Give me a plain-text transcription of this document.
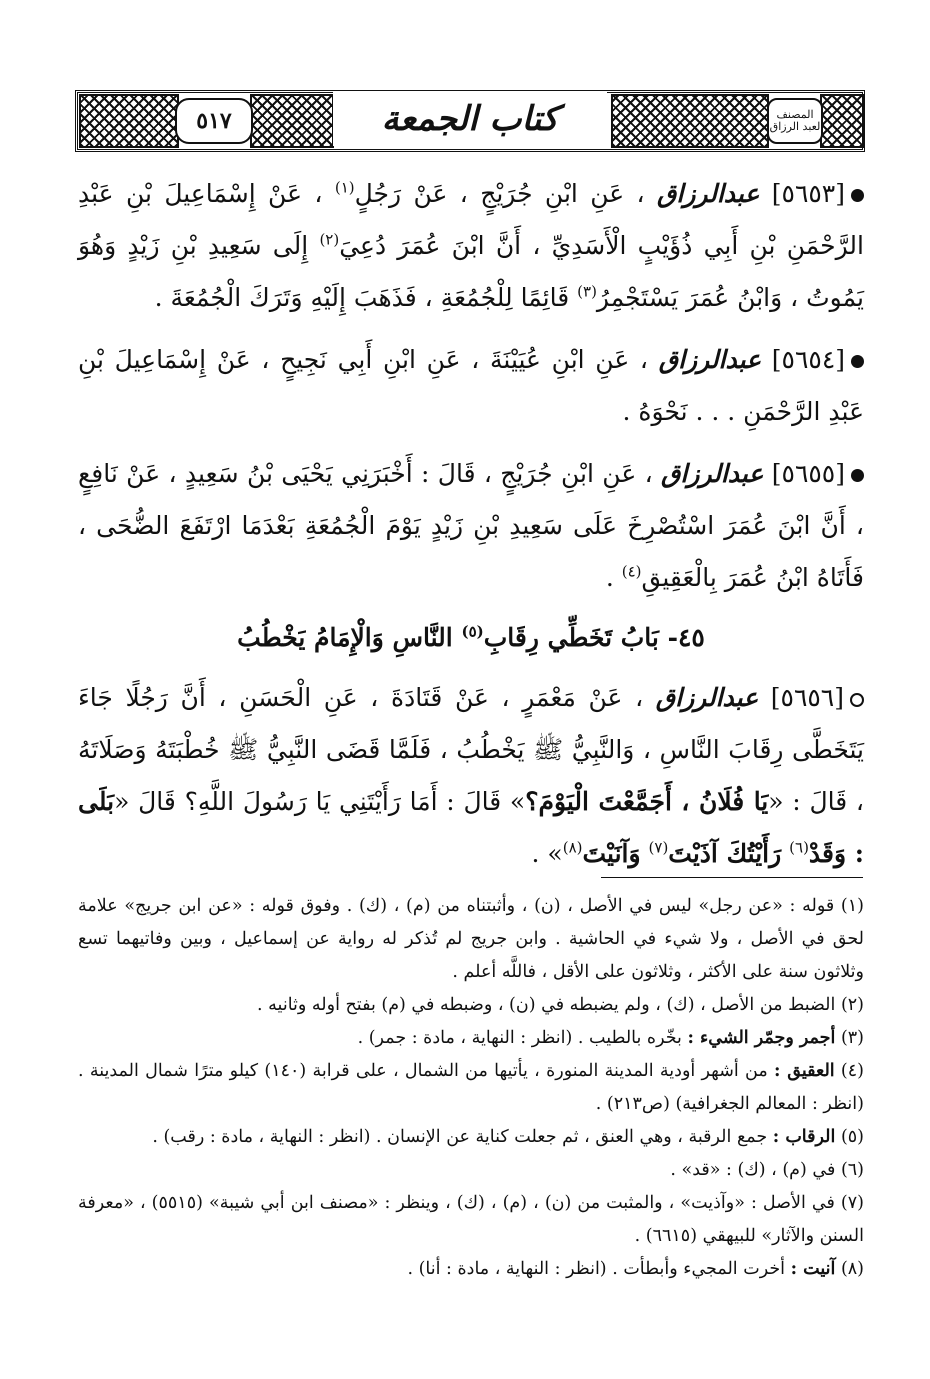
٥١٧	المصنف لعبد الرزاق
كتاب الجمعة

[٥٦٥٣] عبدالرزاق ، عَنِ ابْنِ جُرَيْجٍ ، عَنْ رَجُلٍ$^{(١)}$ ، عَنْ إِسْمَاعِيلَ بْنِ عَبْدِ الرَّحْمَنِ بْنِ أَبِي ذُؤَيْبٍ الْأَسَدِيِّ ، أَنَّ ابْنَ عُمَرَ دُعِيَ$^{(٢)}$ إِلَى سَعِيدِ بْنِ زَيْدٍ وَهُوَ يَمُوتُ ، وَابْنُ عُمَرَ يَسْتَجْمِرُ$^{(٣)}$ قَائِمًا لِلْجُمُعَةِ ، فَذَهَبَ إِلَيْهِ وَتَرَكَ الْجُمُعَةَ .

[٥٦٥٤] عبدالرزاق ، عَنِ ابْنِ عُيَيْنَةَ ، عَنِ ابْنِ أَبِي نَجِيحٍ ، عَنْ إِسْمَاعِيلَ بْنِ عَبْدِ الرَّحْمَنِ . . . نَحْوَهُ .

[٥٦٥٥] عبدالرزاق ، عَنِ ابْنِ جُرَيْجٍ ، قَالَ : أَخْبَرَنِي يَحْيَى بْنُ سَعِيدٍ ، عَنْ نَافِعٍ ، أَنَّ ابْنَ عُمَرَ اسْتُصْرِخَ عَلَى سَعِيدِ بْنِ زَيْدٍ يَوْمَ الْجُمُعَةِ بَعْدَمَا ارْتَفَعَ الضُّحَى ، فَأَتَاهُ ابْنُ عُمَرَ بِالْعَقِيقِ$^{(٤)}$ .

٤٥- بَابُ تَخَطِّي رِقَابِ$^{(٥)}$ النَّاسِ وَالْإِمَامُ يَخْطُبُ

[٥٦٥٦] عبدالرزاق ، عَنْ مَعْمَرٍ ، عَنْ قَتَادَةَ ، عَنِ الْحَسَنِ ، أَنَّ رَجُلًا جَاءَ يَتَخَطَّى رِقَابَ النَّاسِ ، وَالنَّبِيُّ ﷺ يَخْطُبُ ، فَلَمَّا قَضَى النَّبِيُّ ﷺ خُطْبَتَهُ وَصَلَاتَهُ ، قَالَ : «يَا فُلَانُ ، أَجَمَّعْتَ الْيَوْمَ؟» قَالَ : أَمَا رَأَيْتَنِي يَا رَسُولَ اللَّهِ؟ قَالَ «بَلَى : وَقَدْ$^{(٦)}$ رَأَيْتُكَ آذَيْتَ$^{(٧)}$ وَآنَيْتَ$^{(٨)}$» .

(١) قوله : «عن رجل» ليس في الأصل ، (ن) ، وأثبتناه من (م) ، (ك) . وفوق قوله : «عن ابن جريج» علامة لحق في الأصل ، ولا شيء في الحاشية . وابن جريج لم تُذكر له رواية عن إسماعيل ، وبين وفاتيهما تسع وثلاثون سنة على الأكثر ، وثلاثون على الأقل ، فاللَّه أعلم .

(٢) الضبط من الأصل ، (ك) ، ولم يضبطه في (ن) ، وضبطه في (م) بفتح أوله وثانيه .

(٣) أجمر وجمّر الشيء : بخّره بالطيب . (انظر : النهاية ، مادة : جمر) .

(٤) العقيق : من أشهر أودية المدينة المنورة ، يأتيها من الشمال ، على قرابة (١٤٠) كيلو مترًا شمال المدينة . (انظر : المعالم الجغرافية) (ص٢١٣) .

(٥) الرقاب : جمع الرقبة ، وهي العنق ، ثم جعلت كناية عن الإنسان . (انظر : النهاية ، مادة : رقب) .

(٦) في (م) ، (ك) : «قد» .

(٧) في الأصل : «وآذيت» ، والمثبت من (ن) ، (م) ، (ك) ، وينظر : «مصنف ابن أبي شيبة» (٥٥١٥) ، «معرفة السنن والآثار» للبيهقي (٦٦١٥) .

(٨) آنيت : أخرت المجيء وأبطأت . (انظر : النهاية ، مادة : أنا) .
